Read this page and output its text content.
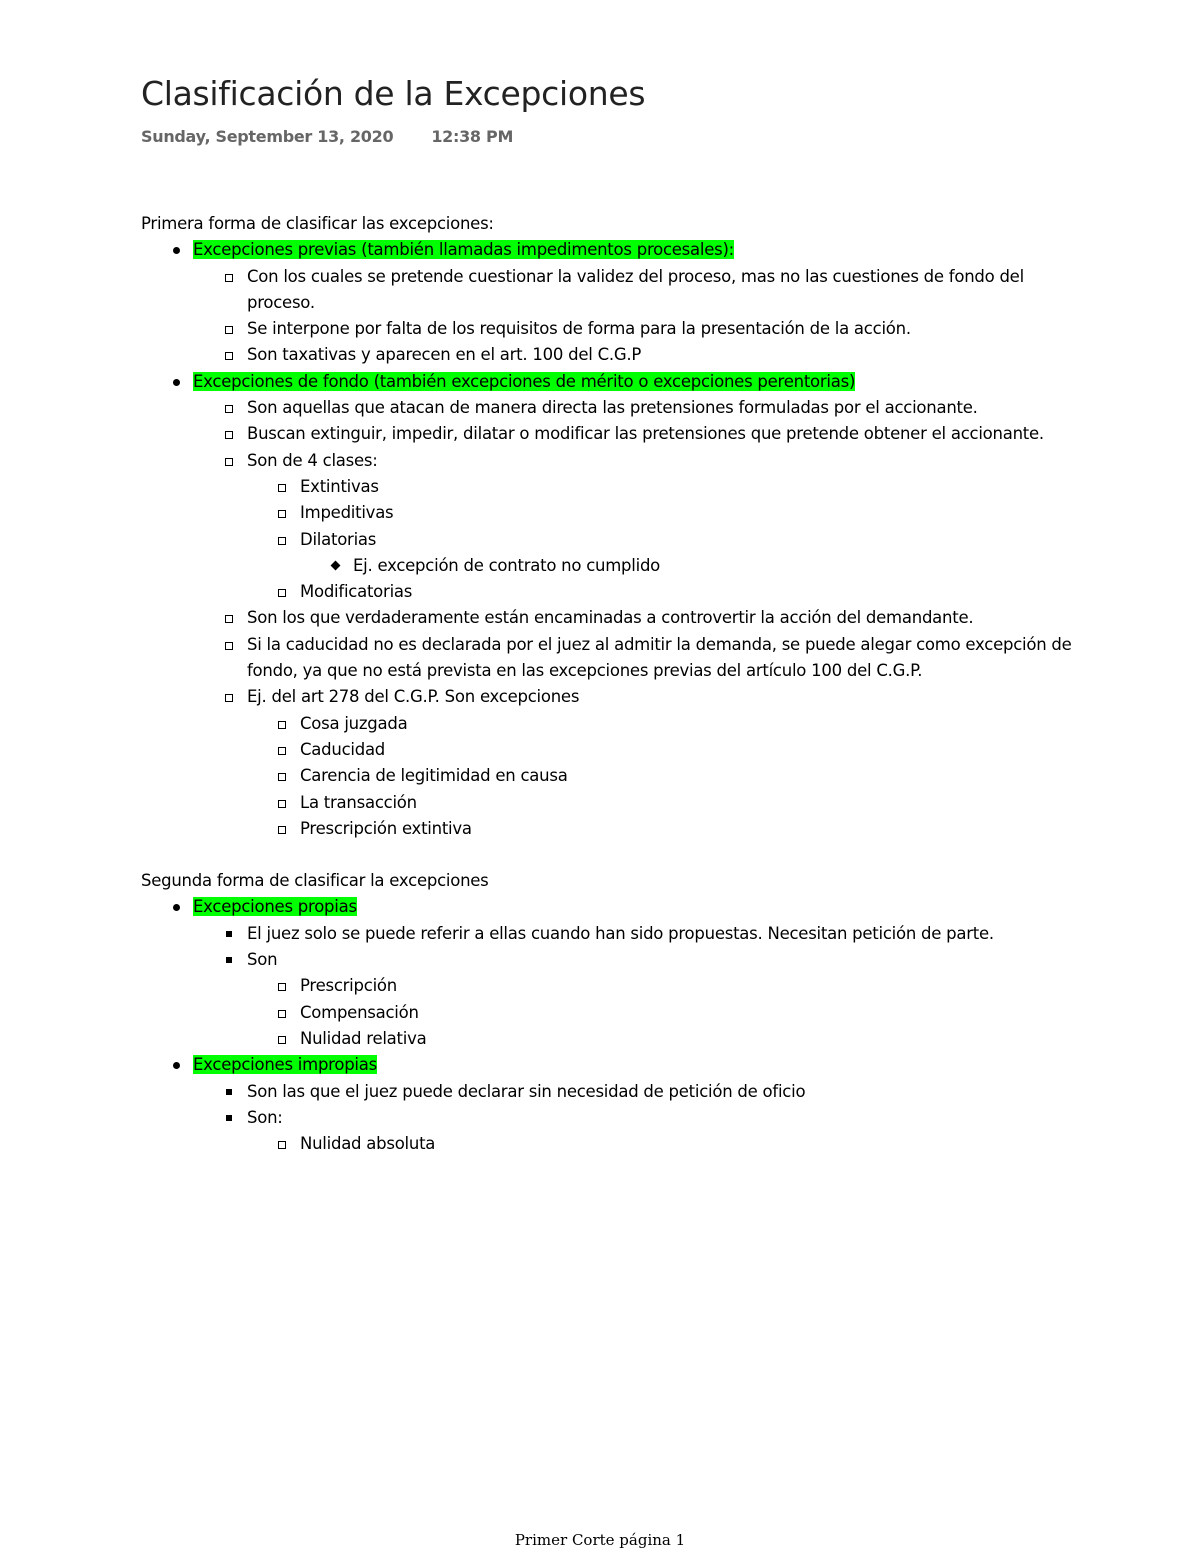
Clasificación de la Excepciones
Sunday, September 13, 2020 12:38 PM

Primera forma de clasificar las excepciones:

Excepciones previas (también llamadas impedimentos procesales):
Con los cuales se pretende cuestionar la validez del proceso, mas no las cuestiones de fondo del proceso.
Se interpone por falta de los requisitos de forma para la presentación de la acción.
Son taxativas y aparecen en el art. 100 del C.G.P
Excepciones de fondo (también excepciones de mérito o excepciones perentorias)
Son aquellas que atacan de manera directa las pretensiones formuladas por el accionante.
Buscan extinguir, impedir, dilatar o modificar las pretensiones que pretende obtener el accionante.
Son de 4 clases:
Extintivas
Impeditivas
Dilatorias
Ej. excepción de contrato no cumplido
Modificatorias
Son los que verdaderamente están encaminadas a controvertir la acción del demandante.
Si la caducidad no es declarada por el juez al admitir la demanda, se puede alegar como excepción de fondo, ya que no está prevista en las excepciones previas del artículo 100 del C.G.P.
Ej. del art 278 del C.G.P. Son excepciones
Cosa juzgada
Caducidad
Carencia de legitimidad en causa
La transacción
Prescripción extintiva

Segunda forma de clasificar la excepciones

Excepciones propias
El juez solo se puede referir a ellas cuando han sido propuestas. Necesitan petición de parte.
Son
Prescripción
Compensación
Nulidad relativa
Excepciones impropias
Son las que el juez puede declarar sin necesidad de petición de oficio
Son:
Nulidad absoluta
Primer Corte página 1
